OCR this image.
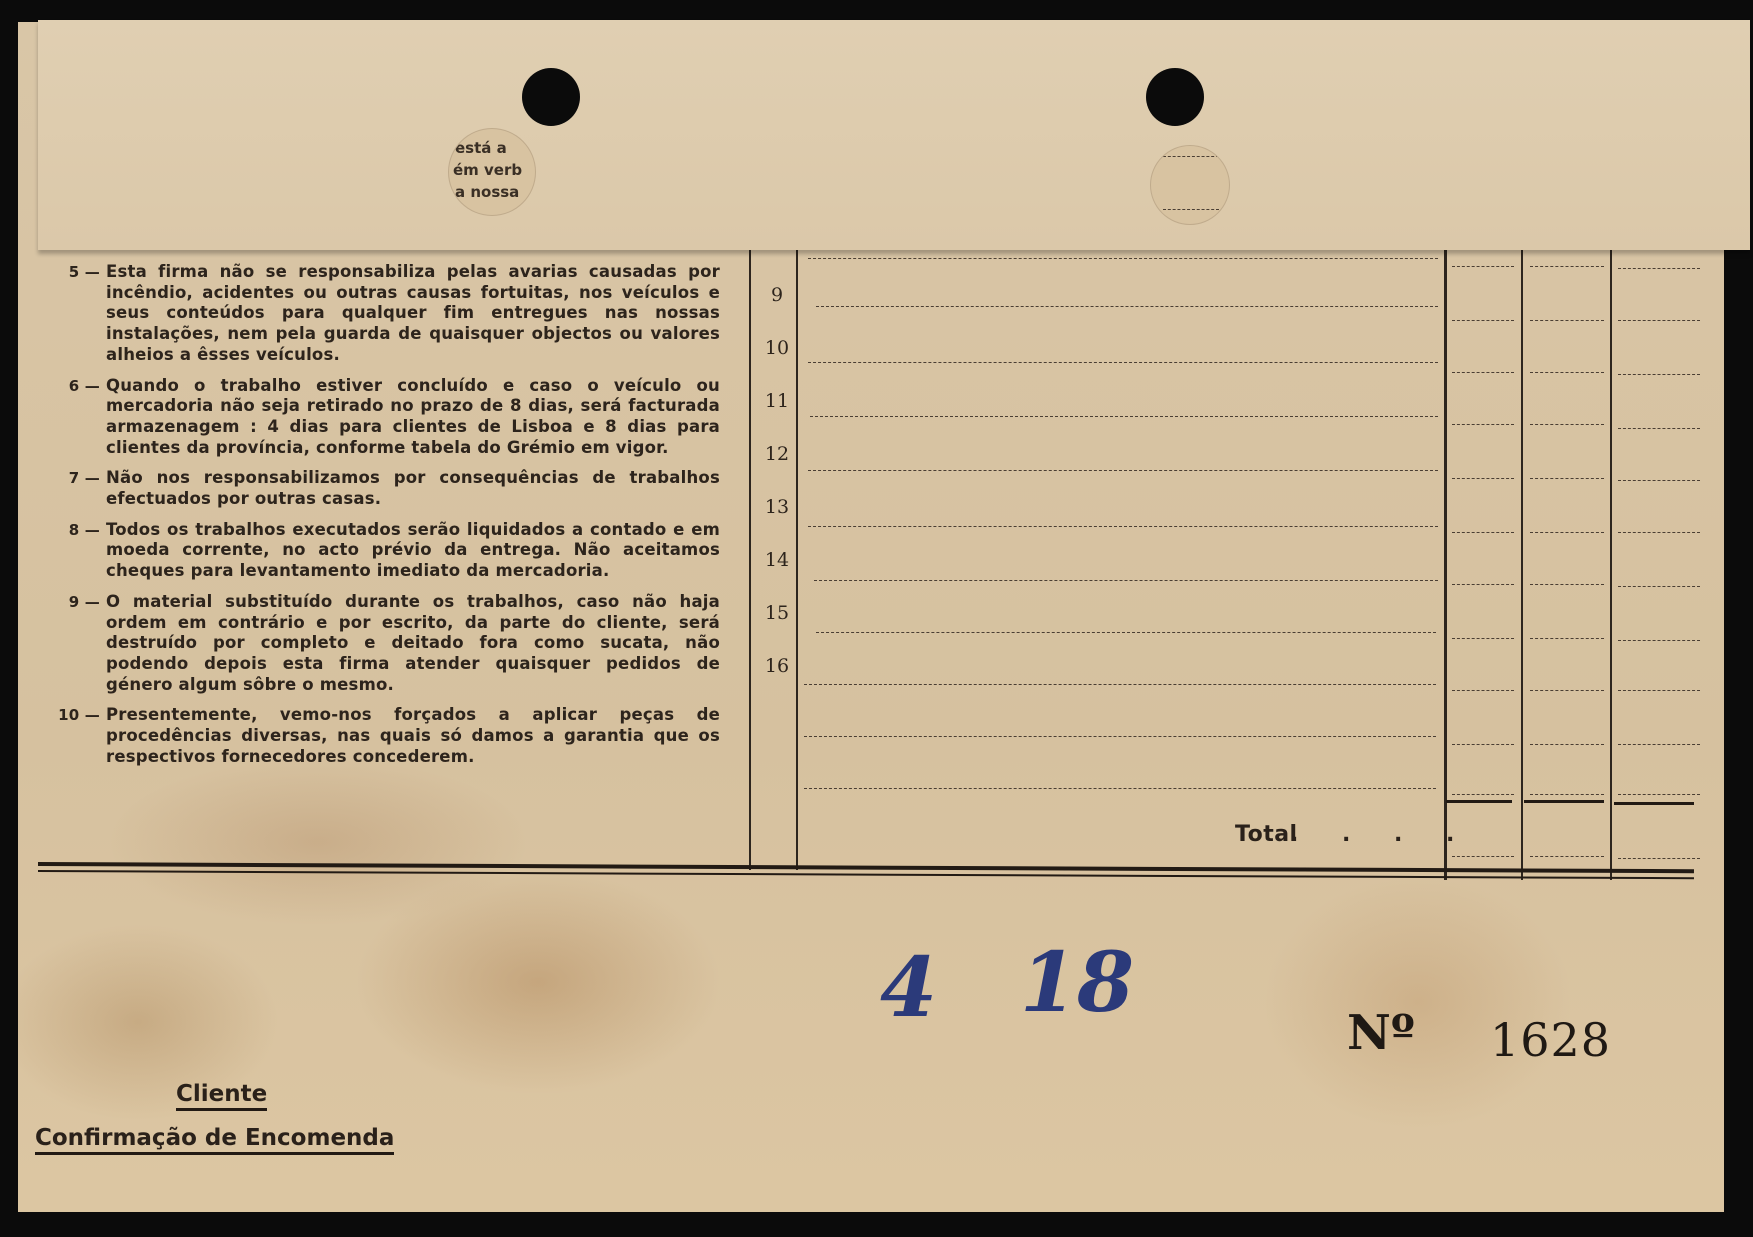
está a
ém verb
a nossa
5 — Esta firma não se responsabiliza pelas avarias causadas por incêndio, acidentes ou outras causas fortuitas, nos veículos e seus conteúdos para qualquer fim entregues nas nossas instalações, nem pela guarda de quaisquer objectos ou valores alheios a êsses veículos.
6 — Quando o trabalho estiver concluído e caso o veículo ou mercadoria não seja retirado no prazo de 8 dias, será facturada armazenagem : 4 dias para clientes de Lisboa e 8 dias para clientes da província, conforme tabela do Grémio em vigor.
7 — Não nos responsabilizamos por consequências de trabalhos efectuados por outras casas.
8 — Todos os trabalhos executados serão liquidados a contado e em moeda corrente, no acto prévio da entrega. Não aceitamos cheques para levantamento imediato da mercadoria.
9 — O material substituído durante os trabalhos, caso não haja ordem em contrário e por escrito, da parte do cliente, será destruído por completo e deitado fora como sucata, não podendo depois esta firma atender quaisquer pedidos de género algum sôbre o mesmo.
10 — Presentemente, vemo-nos forçados a aplicar peças de procedências diversas, nas quais só damos a garantia que os respectivos fornecedores concederem.
9
10
11
12
13
14
15
16
Total
. . . .
4 18
Nº 1628
Cliente
Confirmação de Encomenda
